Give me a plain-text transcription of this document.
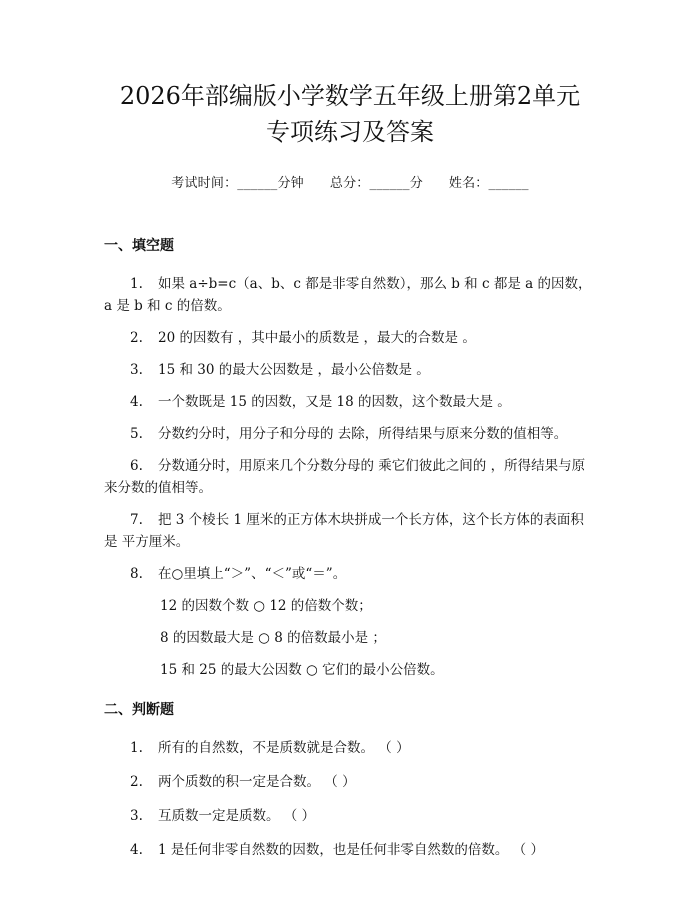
2026年部编版小学数学五年级上册第2单元
专项练习及答案
考试时间：______分钟 总分：______分 姓名：______
一、填空题

1. 如果 a÷b=c（a、b、c 都是非零自然数），那么 b 和 c 都是 a 的因数，a 是 b 和 c 的倍数。

2. 20 的因数有 ，其中最小的质数是 ，最大的合数是 。

3. 15 和 30 的最大公因数是 ，最小公倍数是 。

4. 一个数既是 15 的因数，又是 18 的因数，这个数最大是 。

5. 分数约分时，用分子和分母的 去除，所得结果与原来分数的值相等。

6. 分数通分时，用原来几个分数分母的 乘它们彼此之间的 ，所得结果与原来分数的值相等。

7. 把 3 个棱长 1 厘米的正方体木块拼成一个长方体，这个长方体的表面积是 平方厘米。

8. 在○里填上“＞”、“＜”或“＝”。

12 的因数个数 ○ 12 的倍数个数；

8 的因数最大是 ○ 8 的倍数最小是 ；

15 和 25 的最大公因数 ○ 它们的最小公倍数。

二、判断题

1. 所有的自然数，不是质数就是合数。 （ ）

2. 两个质数的积一定是合数。 （ ）

3. 互质数一定是质数。 （ ）

4. 1 是任何非零自然数的因数，也是任何非零自然数的倍数。 （ ）
